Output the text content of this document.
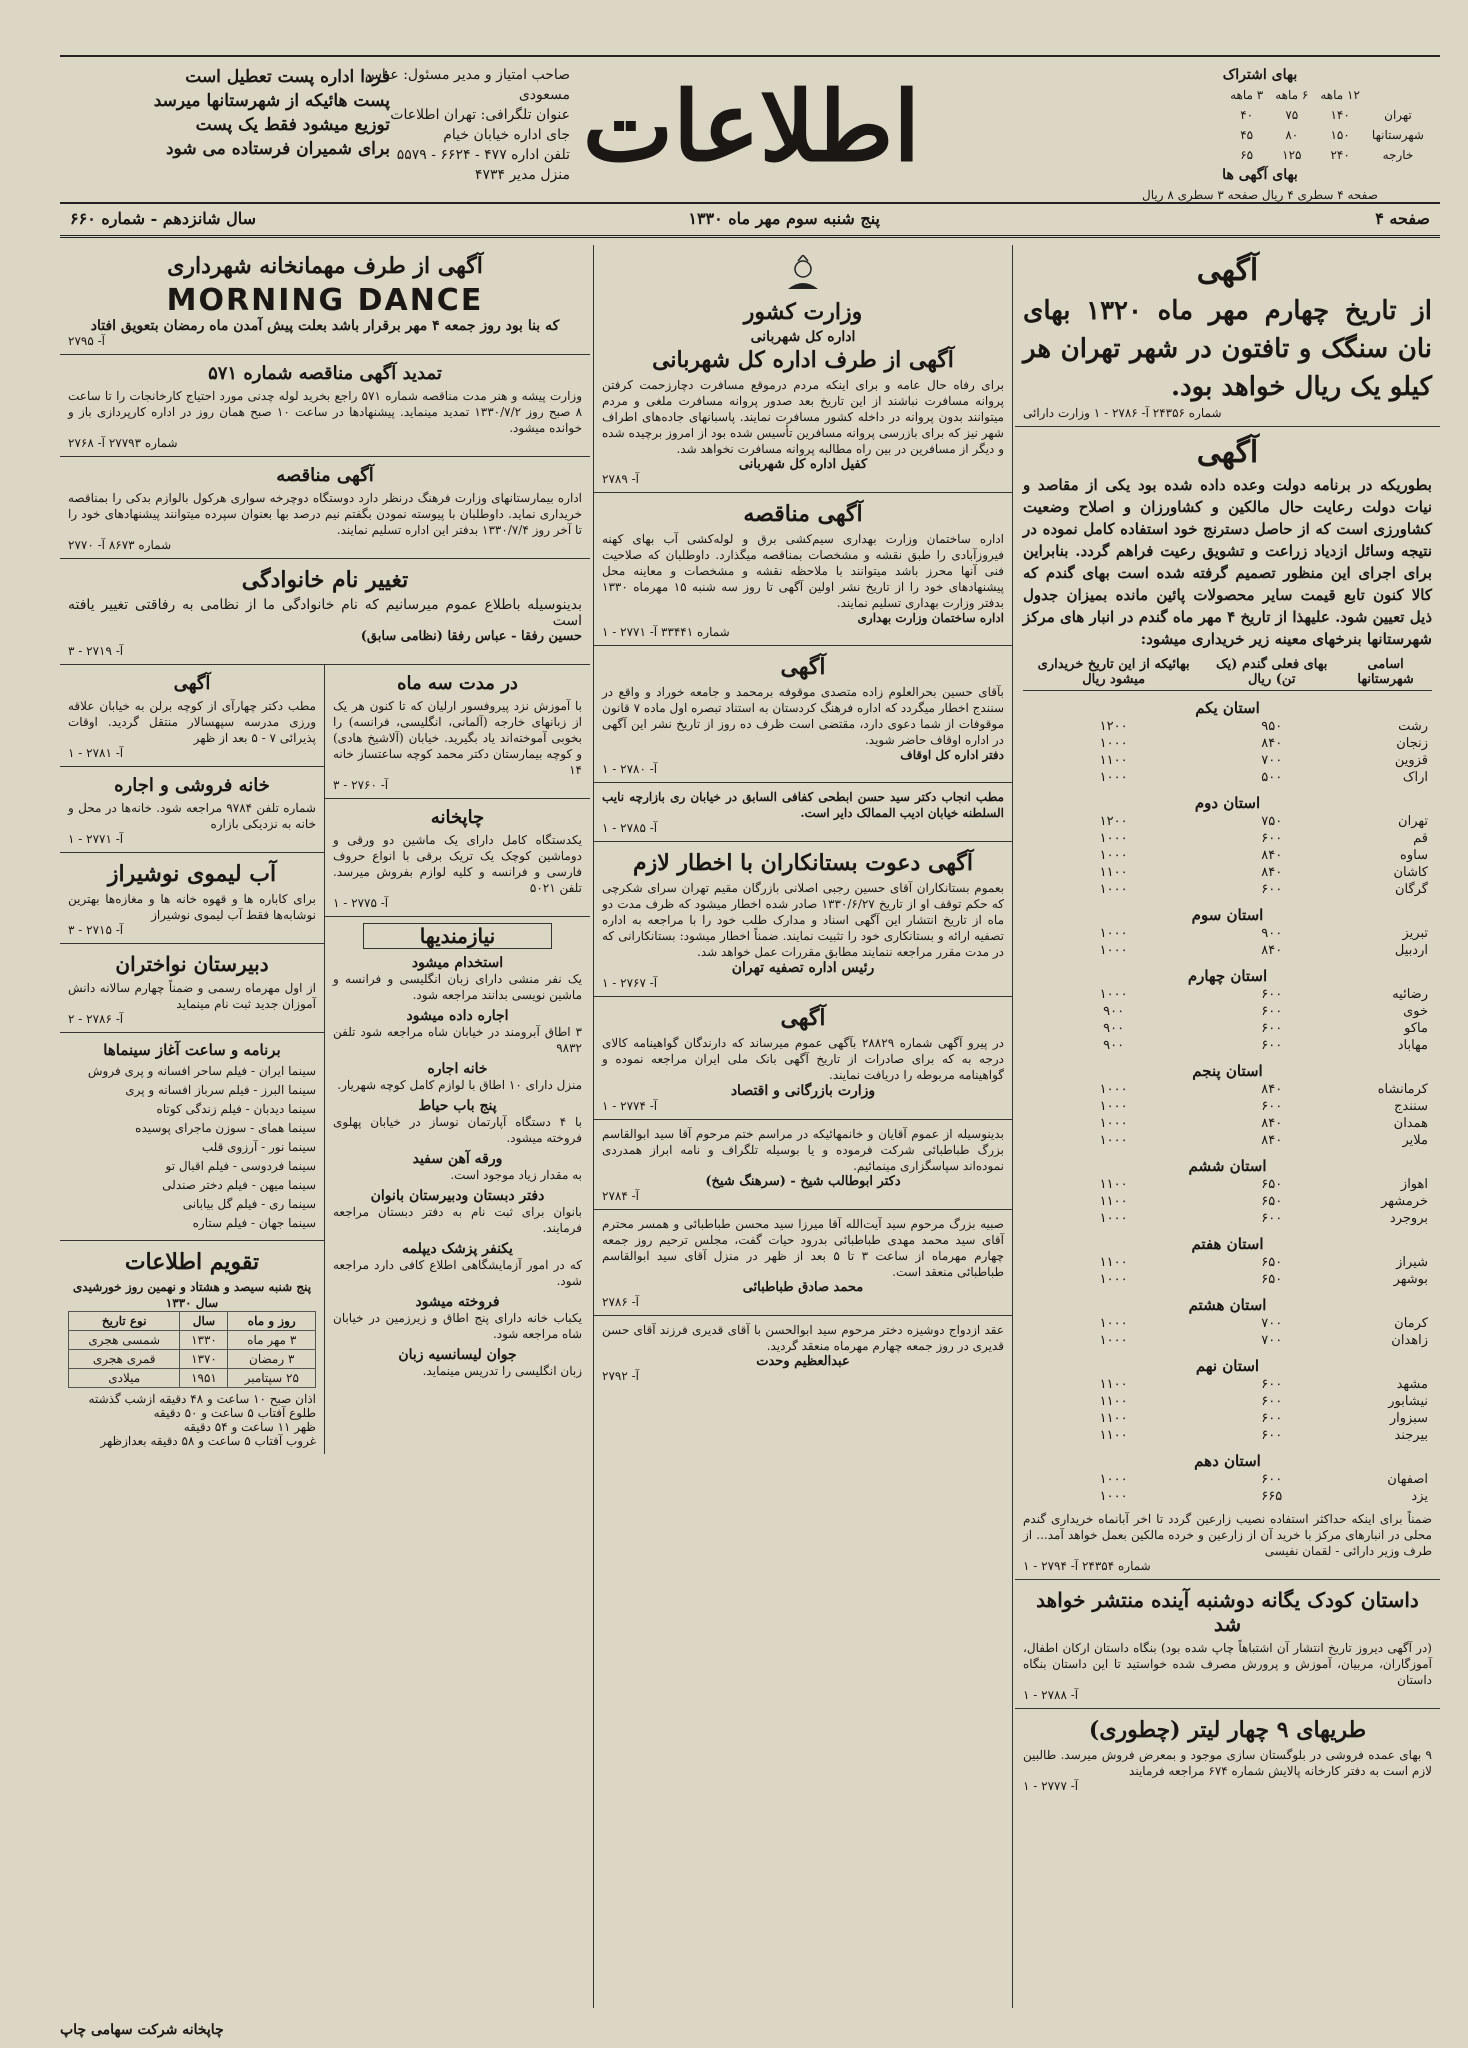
بهای اشتراک
	۱۲ ماهه	۶ ماهه	۳ ماهه
تهران	۱۴۰	۷۵	۴۰
شهرستانها	۱۵۰	۸۰	۴۵
خارجه	۲۴۰	۱۲۵	۶۵
بهای آگهی ها
صفحه ۴ سطری ۴ ریال صفحه ۳ سطری ۸ ریال
اطلاعات
صاحب امتیاز و مدیر مسئول: عباس مسعودی
عنوان تلگرافی: تهران اطلاعات
جای اداره خیابان خیام
تلفن اداره ۴۷۷ - ۶۶۲۴ - ۵۵۷۹
منزل مدیر ۴۷۳۴
فردا اداره پست تعطیل است
پست هائیکه از شهرستانها میرسد
توزیع میشود فقط یک پست
برای شمیران فرستاده می شود
صفحه ۴
پنج شنبه سوم مهر ماه ۱۳۳۰
سال شانزدهم - شماره ۶۶۰
آگهی

از تاریخ چهارم مهر ماه ۱۳۲۰ بهای نان سنگک و تافتون در شهر تهران هر کیلو یک ریال خواهد بود.

شماره ۲۴۳۵۶ آ- ۲۷۸۶ - ۱ وزارت دارائی
آگهی

بطوریکه در برنامه دولت وعده داده شده بود یکی از مقاصد و نیات دولت رعایت حال مالکین و کشاورزان و اصلاح وضعیت کشاورزی است که از حاصل دسترنج خود استفاده کامل نموده در نتیجه وسائل ازدیاد زراعت و تشویق رعیت فراهم گردد. بنابراین برای اجرای این منظور تصمیم گرفته شده است بهای گندم که کالا کنون تابع قیمت سایر محصولات پائین مانده بمیزان جدول ذیل تعیین شود. علیهذا از تاریخ ۴ مهر ماه گندم در انبار های مرکز شهرستانها بنرخهای معینه زیر خریداری میشود:

اسامی شهرستانها	بهای فعلی گندم (یک تن) ریال	بهائیکه از این تاریخ خریداری میشود ریال
استان یکم		
رشت	۹۵۰	۱۲۰۰
زنجان	۸۴۰	۱۰۰۰
قزوین	۷۰۰	۱۱۰۰
اراک	۵۰۰	۱۰۰۰
استان دوم		
تهران	۷۵۰	۱۲۰۰
قم	۶۰۰	۱۰۰۰
ساوه	۸۴۰	۱۰۰۰
کاشان	۸۴۰	۱۱۰۰
گرگان	۶۰۰	۱۰۰۰
استان سوم		
تبریز	۹۰۰	۱۰۰۰
اردبیل	۸۴۰	۱۰۰۰
استان چهارم		
رضائیه	۶۰۰	۱۰۰۰
خوی	۶۰۰	۹۰۰
ماکو	۶۰۰	۹۰۰
مهاباد	۶۰۰	۹۰۰
استان پنجم		
کرمانشاه	۸۴۰	۱۰۰۰
سنندج	۶۰۰	۱۰۰۰
همدان	۸۴۰	۱۰۰۰
ملایر	۸۴۰	۱۰۰۰
استان ششم		
اهواز	۶۵۰	۱۱۰۰
خرمشهر	۶۵۰	۱۱۰۰
بروجرد	۶۰۰	۱۰۰۰
استان هفتم		
شیراز	۶۵۰	۱۱۰۰
بوشهر	۶۵۰	۱۰۰۰
استان هشتم		
کرمان	۷۰۰	۱۰۰۰
زاهدان	۷۰۰	۱۰۰۰
استان نهم		
مشهد	۶۰۰	۱۱۰۰
نیشابور	۶۰۰	۱۱۰۰
سبزوار	۶۰۰	۱۱۰۰
بیرجند	۶۰۰	۱۱۰۰
استان دهم		
اصفهان	۶۰۰	۱۰۰۰
یزد	۶۶۵	۱۰۰۰

ضمناً برای اینکه حداکثر استفاده نصیب زارعین گردد تا اخر آبانماه خریداری گندم محلی در انبارهای مرکز با خرید آن از زارعین و خرده مالکین بعمل خواهد آمد... از طرف وزیر دارائی - لقمان نفیسی

شماره ۲۴۳۵۴ آ- ۲۷۹۴ - ۱
داستان کودک یگانه دوشنبه آینده منتشر خواهد شد

(در آگهی دیروز تاریخ انتشار آن اشتباهاً چاپ شده بود) بنگاه داستان ارکان اطفال، آموزگاران، مربیان، آموزش و پرورش مصرف شده خواستید تا این داستان بنگاه داستان

آ- ۲۷۸۸ - ۱
طریهای ۹ چهار لیتر (چطوری)

۹ بهای عمده فروشی در بلوگستان سازی موجود و بمعرض فروش میرسد. طالبین لازم است به دفتر کارخانه پالایش شماره ۶۷۴ مراجعه فرمایند

آ- ۲۷۷۷ - ۱
وزارت کشور
اداره کل شهربانی
آگهی از طرف اداره کل شهربانی

برای رفاه حال عامه و برای اینکه مردم درموقع مسافرت دچارزحمت کرفتن پروانه مسافرت نباشند از این تاریخ بعد صدور پروانه مسافرت ملغی و مردم میتوانند بدون پروانه در داخله کشور مسافرت نمایند. پاسبانهای جاده‌های اطراف شهر نیز که برای بازرسی پروانه مسافرین تأسیس شده بود از امروز برچیده شده و دیگر از مسافرین در بین راه مطالبه پروانه مسافرت نخواهد شد.

کفیل اداره کل شهربانی
آ- ۲۷۸۹
آگهی مناقصه

اداره ساختمان وزارت بهداری سیم‌کشی برق و لوله‌کشی آب بهای کهنه فیروزآبادی را طبق نقشه و مشخصات بمناقصه میگذارد. داوطلبان که صلاحیت فنی آنها محرز باشد میتوانند با ملاحظه نقشه و مشخصات و معاینه محل پیشنهادهای خود را از تاریخ نشر اولین آگهی تا روز سه شنبه ۱۵ مهرماه ۱۳۳۰ بدفتر وزارت بهداری تسلیم نمایند.

اداره ساختمان وزارت بهداری
شماره ۳۳۴۴۱ آ- ۲۷۷۱ - ۱
آگهی

بآقای حسین بحرالعلوم زاده متصدی موقوفه برمحمد و جامعه خوراد و واقع در سنندج اخطار میگردد که اداره فرهنگ کردستان به استناد تبصره اول ماده ۷ قانون موقوفات از شما دعوی دارد، مقتضی است ظرف ده روز از تاریخ نشر این آگهی در اداره اوقاف حاضر شوید.

دفتر اداره کل اوقاف
آ- ۲۷۸۰ - ۱

مطب انجاب دکتر سید حسن ابطحی کفافی السابق در خیابان ری بازارچه نایب السلطنه خیابان ادیب الممالک دایر است.

آ- ۲۷۸۵ - ۱
آگهی دعوت بستانکاران با اخطار لازم

بعموم بستانکاران آقای حسین رجبی اصلانی بازرگان مقیم تهران سرای شکرچی که حکم توقف او از تاریخ ۱۳۳۰/۶/۲۷ صادر شده اخطار میشود که ظرف مدت دو ماه از تاریخ انتشار این آگهی اسناد و مدارک طلب خود را با مراجعه به اداره تصفیه ارائه و بستانکاری خود را تثبیت نمایند. ضمناً اخطار میشود: بستانکارانی که در مدت مقرر مراجعه ننمایند مطابق مقررات عمل خواهد شد.

رئیس اداره تصفیه تهران
آ- ۲۷۶۷ - ۱
آگهی

در پیرو آگهی شماره ۲۸۸۲۹ بآگهی عموم میرساند که دارندگان گواهینامه کالای درجه به که برای صادرات از تاریخ آگهی بانک ملی ایران مراجعه نموده و گواهینامه مربوطه را دریافت نمایند.

وزارت بازرگانی و اقتصاد
آ- ۲۷۷۴ - ۱

بدینوسیله از عموم آقایان و خانمهائیکه در مراسم ختم مرحوم آقا سید ابوالقاسم بزرگ طباطبائی شرکت فرموده و یا بوسیله تلگراف و نامه ابراز همدردی نموده‌اند سپاسگزاری مینمائیم.

دکتر ابوطالب شیخ - (سرهنگ شیخ)
آ- ۲۷۸۴

صبیه بزرگ مرحوم سید آیت‌الله آقا میرزا سید محسن طباطبائی و همسر محترم آقای سید محمد مهدی طباطبائی بدرود حیات گفت، مجلس ترحیم روز جمعه چهارم مهرماه از ساعت ۳ تا ۵ بعد از ظهر در منزل آقای سید ابوالقاسم طباطبائی منعقد است.

محمد صادق طباطبائی
آ- ۲۷۸۶

عقد ازدواج دوشیزه دختر مرحوم سید ابوالحسن با آقای قدیری فرزند آقای حسن قدیری در روز جمعه چهارم مهرماه منعقد گردید.

عبدالعظیم وحدت
آ- ۲۷۹۲
آگهی از طرف مهمانخانه شهرداری
MORNING DANCE

که بنا بود روز جمعه ۴ مهر برقرار باشد بعلت پیش آمدن ماه رمضان بتعویق افتاد

آ- ۲۷۹۵
تمدید آگهی مناقصه شماره ۵۷۱

وزارت پیشه و هنر مدت مناقصه شماره ۵۷۱ راجع بخرید لوله چدنی مورد احتیاج کارخانجات را تا ساعت ۸ صبح روز ۱۳۳۰/۷/۲ تمدید مینماید. پیشنهادها در ساعت ۱۰ صبح همان روز در اداره کارپردازی باز و خوانده میشود.

شماره ۲۷۷۹۳ آ- ۲۷۶۸
آگهی مناقصه

اداره بیمارستانهای وزارت فرهنگ درنظر دارد دوستگاه دوچرخه سواری هرکول بالوازم بدکی را بمناقصه خریداری نماید. داوطلبان با پیوسته نمودن بگفتم نیم درصد بها بعنوان سپرده میتوانند پیشنهادهای خود را تا آخر روز ۱۳۳۰/۷/۴ بدفتر این اداره تسلیم نمایند.

شماره ۸۶۷۳ آ- ۲۷۷۰
تغییر نام خانوادگی

بدینوسیله باطلاع عموم میرسانیم که نام خانوادگی ما از نظامی به رفاقتی تغییر یافته است

حسین رفقا - عباس رفقا (نظامی سابق)
آ- ۲۷۱۹ - ۳
در مدت سه ماه

با آموزش نزد پیروفسور ارلیان که تا کنون هر یک از زبانهای خارجه (آلمانی، انگلیسی، فرانسه) را بخوبی آموخته‌اند یاد بگیرید. خیابان (آلاشیخ هادی) و کوچه بیمارستان دکتر محمد کوچه ساعتساز خانه ۱۴

آ- ۲۷۶۰ - ۳
چاپخانه

یکدستگاه کامل دارای یک ماشین دو ورقی و دوماشین کوچک یک تریک برقی با انواع حروف فارسی و فرانسه و کلیه لوازم بفروش میرسد. تلفن ۵۰۲۱

آ- ۲۷۷۵ - ۱
نیازمندیها
استخدام میشود

یک نفر منشی دارای زبان انگلیسی و فرانسه و ماشین نویسی بدانند مراجعه شود.

اجاره داده میشود

۳ اطاق آبرومند در خیابان شاه مراجعه شود تلفن ۹۸۳۲

خانه اجاره

منزل دارای ۱۰ اطاق با لوازم کامل کوچه شهریار.

پنج باب حیاط

با ۴ دستگاه آپارتمان نوساز در خیابان پهلوی فروخته میشود.

ورقه آهن سفید

به مقدار زیاد موجود است.

دفتر دبستان ودبیرستان بانوان

بانوان برای ثبت نام به دفتر دبستان مراجعه فرمایند.

یکنفر پزشک دیپلمه

که در امور آزمایشگاهی اطلاع کافی دارد مراجعه شود.

فروخته میشود

یکباب خانه دارای پنج اطاق و زیرزمین در خیابان شاه مراجعه شود.

جوان لیسانسیه زبان

زبان انگلیسی را تدریس مینماید.

آگهی

مطب دکتر چهارآی از کوچه برلن به خیابان علاقه ورزی مدرسه سپهسالار منتقل گردید. اوقات پذیرائی ۷ - ۵ بعد از ظهر

آ- ۲۷۸۱ - ۱
خانه فروشی و اجاره

شماره تلفن ۹۷۸۴ مراجعه شود. خانه‌ها در محل و خانه به نزدیکی بازاره

آ- ۲۷۷۱ - ۱
آب لیموی نوشیراز

برای کاباره ها و قهوه خانه ها و مغازه‌ها بهترین نوشابه‌ها فقط آب لیموی نوشیراز

آ- ۲۷۱۵ - ۳
دبیرستان نواختران

از اول مهرماه رسمی و ضمناً چهارم سالانه دانش آموزان جدید ثبت نام مینماید

آ- ۲۷۸۶ - ۲
برنامه و ساعت آغاز سینماها

سینما ایران - فیلم ساحر افسانه و پری فروش

سینما البرز - فیلم سرباز افسانه و پری

سینما دیدبان - فیلم زندگی کوتاه

سینما همای - سوزن ماجرای پوسیده

سینما نور - آرزوی قلب

سینما فردوسی - فیلم اقبال تو

سینما میهن - فیلم دختر صندلی

سینما ری - فیلم گل بیابانی

سینما جهان - فیلم ستاره

تقویم اطلاعات

پنج شنبه سیصد و هشتاد و نهمین روز خورشیدی سال ۱۳۳۰

روز و ماه	سال	نوع تاریخ
۳ مهر ماه	۱۳۳۰	شمسی هجری
۳ رمضان	۱۳۷۰	قمری هجری
۲۵ سپتامبر	۱۹۵۱	میلادی
اذان صبح ۱۰ ساعت و ۴۸ دقیقه ازشب گذشته
طلوع آفتاب ۵ ساعت و ۵۰ دقیقه
ظهر ۱۱ ساعت و ۵۴ دقیقه
غروب آفتاب ۵ ساعت و ۵۸ دقیقه بعدازظهر
چاپخانه شرکت سهامی چاپ
